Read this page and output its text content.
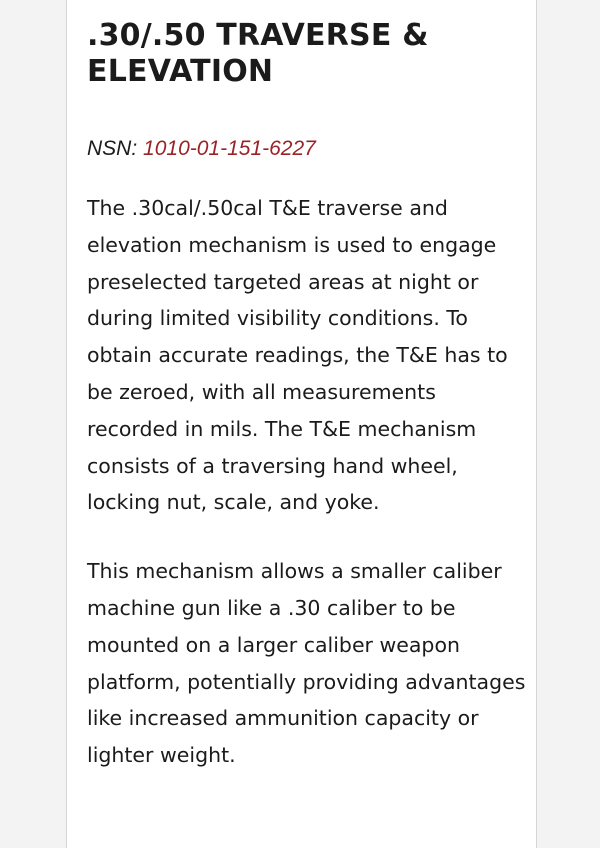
.30/.50 TRAVERSE & ELEVATION

NSN: 1010-01-151-6227

The .30cal/.50cal T&E traverse and elevation mechanism is used to engage preselected targeted areas at night or during limited visibility conditions. To obtain accurate readings, the T&E has to be zeroed, with all measurements recorded in mils. The T&E mechanism consists of a traversing hand wheel, locking nut, scale, and yoke.

This mechanism allows a smaller caliber machine gun like a .30 caliber to be mounted on a larger caliber weapon platform, potentially providing advantages like increased ammunition capacity or lighter weight.
